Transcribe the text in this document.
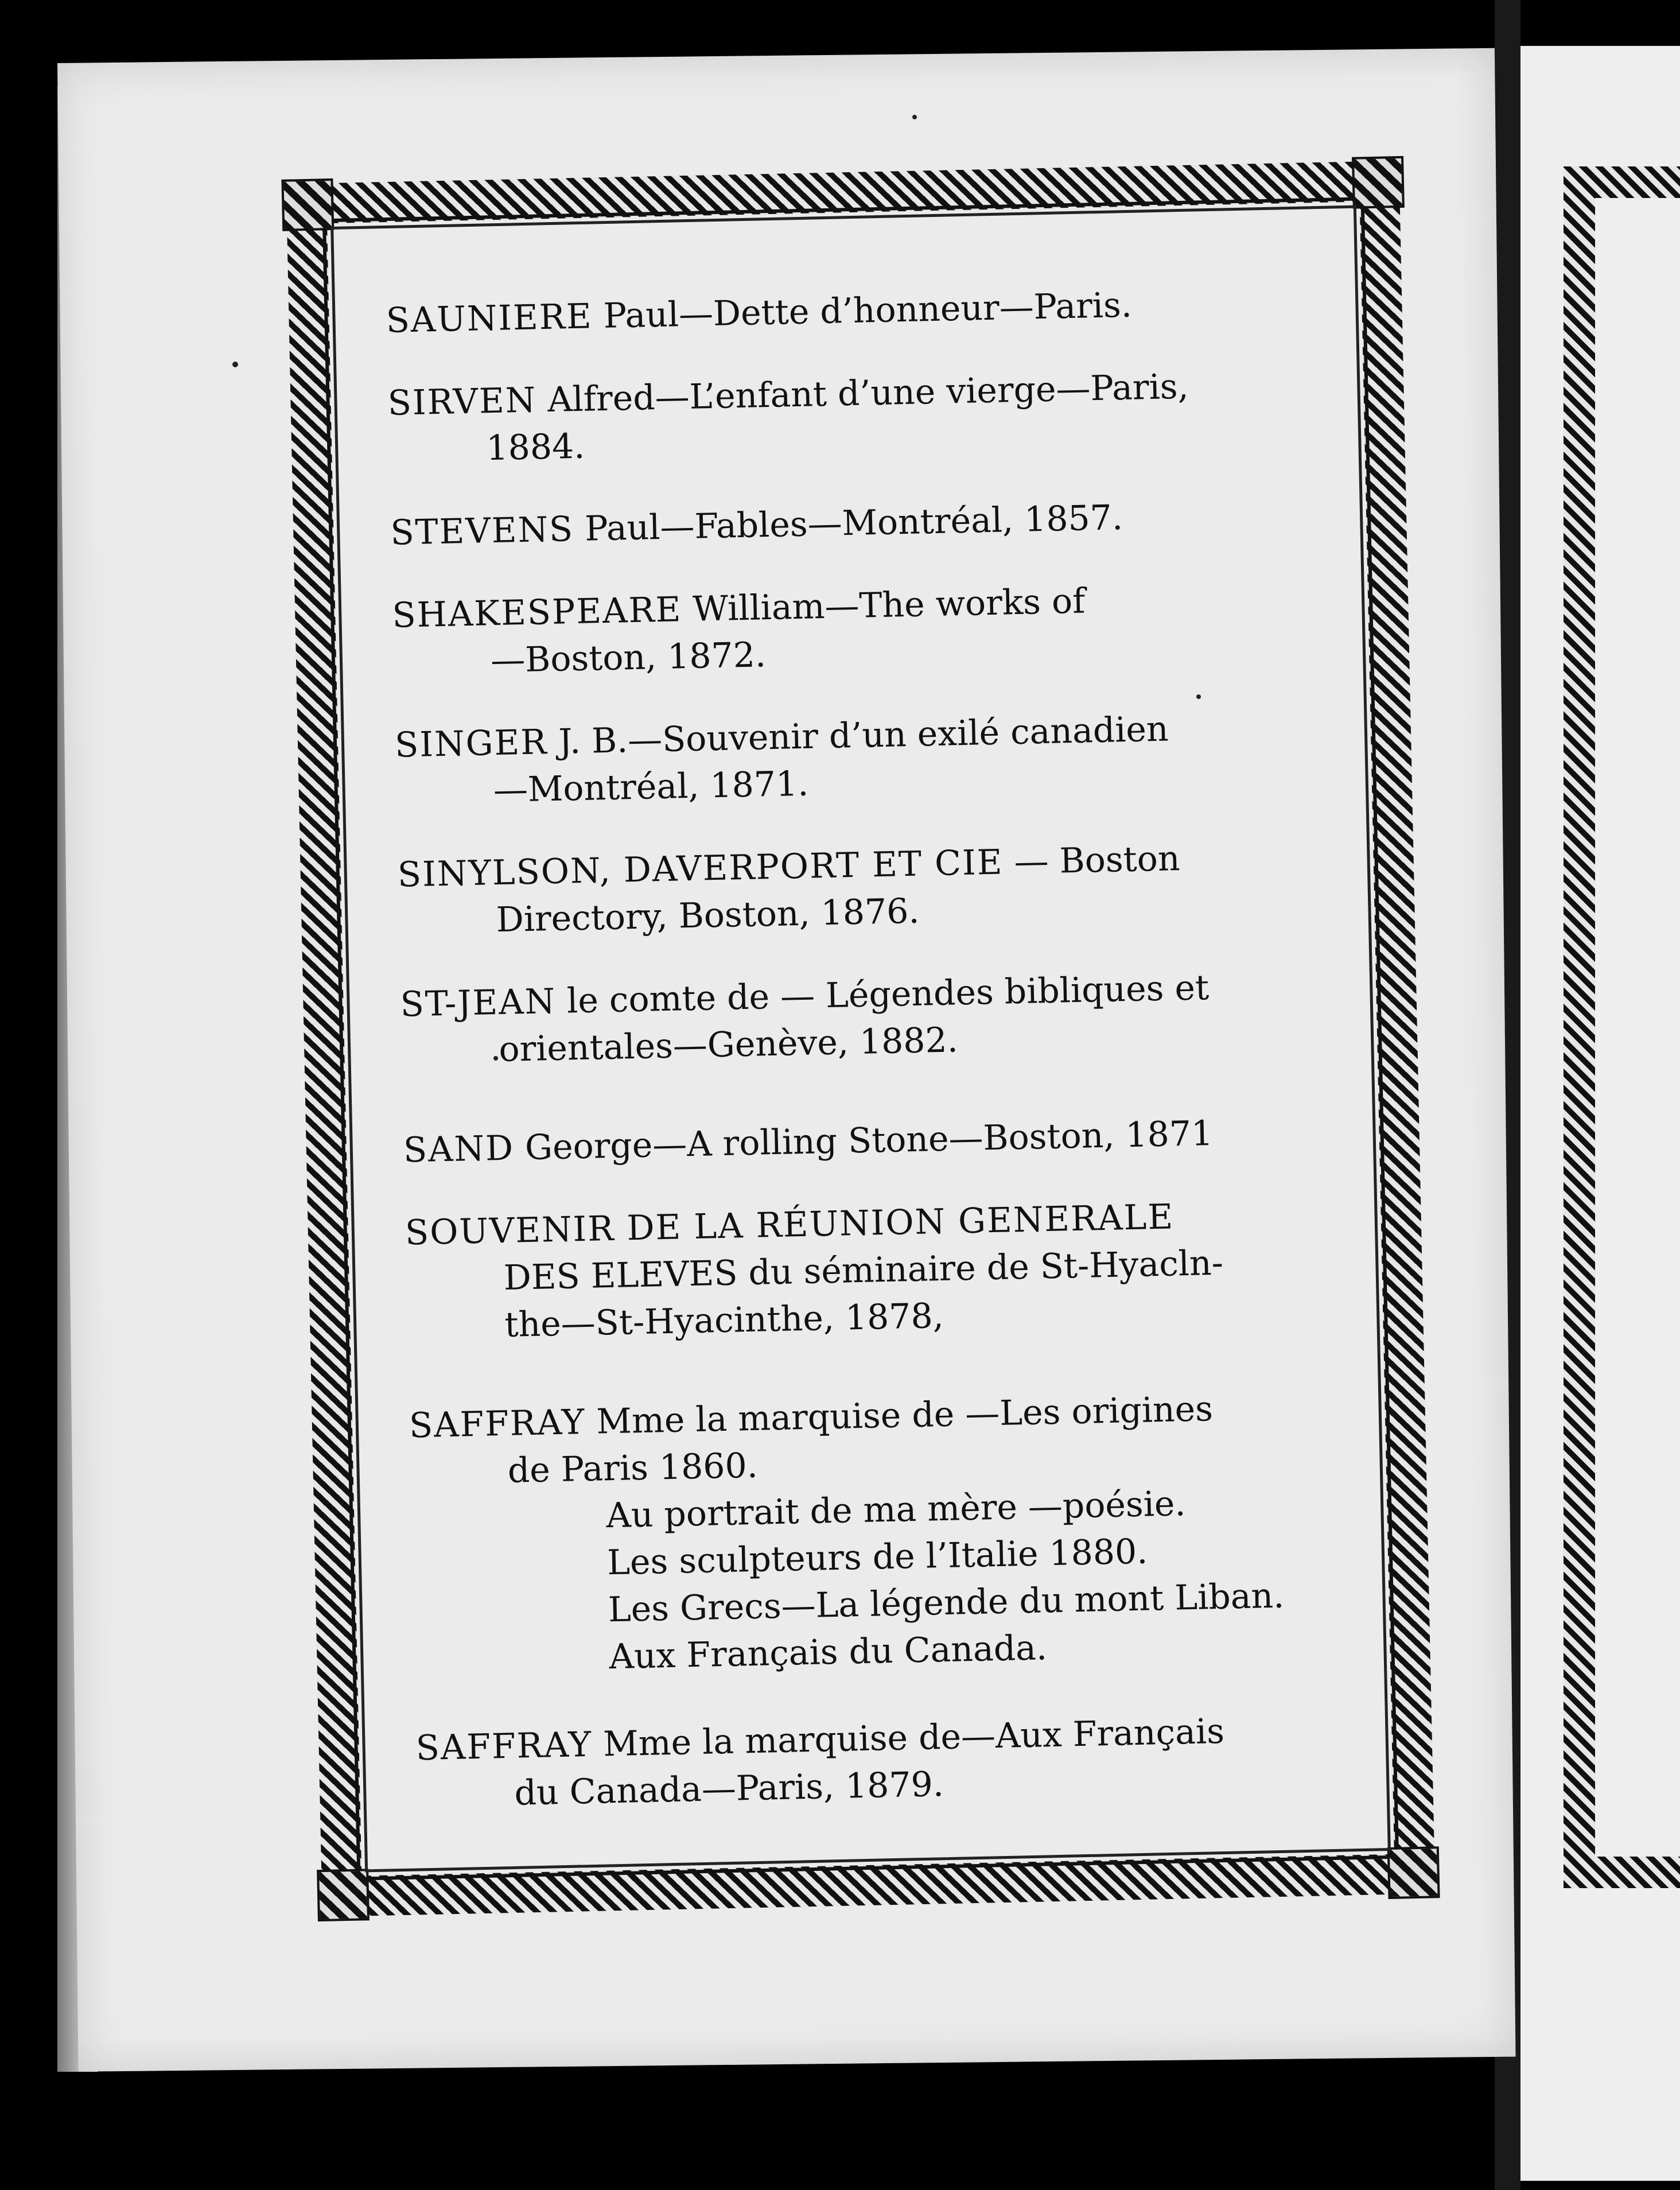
SAUNIERE Paul—Dette d’honneur—Paris.
SIRVEN Alfred—L’enfant d’une vierge—Paris,
1884.
STEVENS Paul—Fables—Montréal, 1857.
SHAKESPEARE William—The works of
—Boston, 1872.
SINGER J. B.—Souvenir d’un exilé canadien
—Montréal, 1871.
SINYLSON, DAVERPORT ET CIE — Boston
Directory, Boston, 1876.
ST-JEAN le comte de — Légendes bibliques et
orientales—Genève, 1882.
SAND George—A rolling Stone—Boston, 1871
SOUVENIR DE LA RÉUNION GENERALE
DES ELEVES du séminaire de St-Hyacln-
the—St-Hyacinthe, 1878,
SAFFRAY Mme la marquise de —Les origines
de Paris 1860.
Au portrait de ma mère —poésie.
Les sculpteurs de l’Italie 1880.
Les Grecs—La légende du mont Liban.
Aux Français du Canada.
SAFFRAY Mme la marquise de—Aux Français
du Canada—Paris, 1879.
